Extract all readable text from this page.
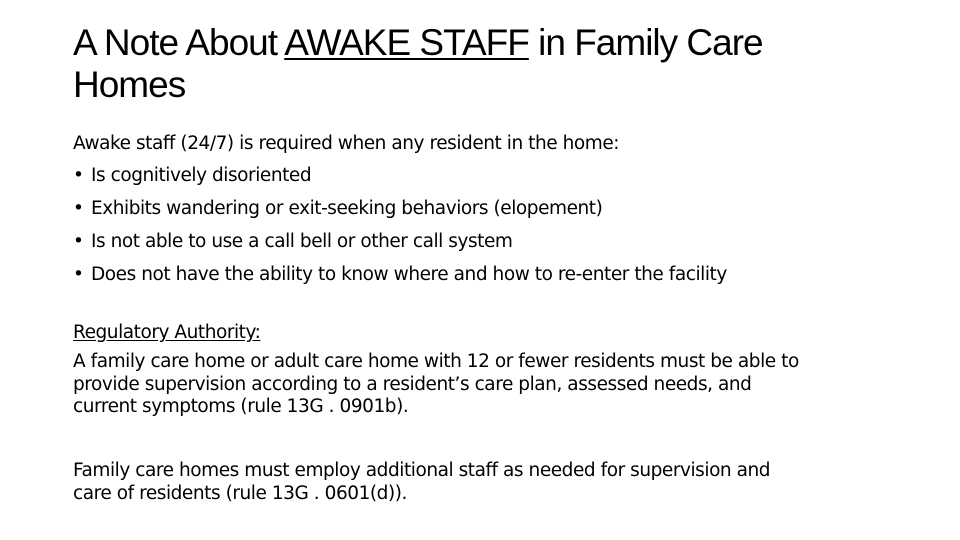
A Note About AWAKE STAFF in Family Care
Homes

Awake staff (24/7) is required when any resident in the home:

• Is cognitively disoriented
• Exhibits wandering or exit-seeking behaviors (elopement)
• Is not able to use a call bell or other call system
• Does not have the ability to know where and how to re-enter the facility

Regulatory Authority:

A family care home or adult care home with 12 or fewer residents must be able to
provide supervision according to a resident’s care plan, assessed needs, and
current symptoms (rule 13G . 0901b).

Family care homes must employ additional staff as needed for supervision and
care of residents (rule 13G . 0601(d)).
